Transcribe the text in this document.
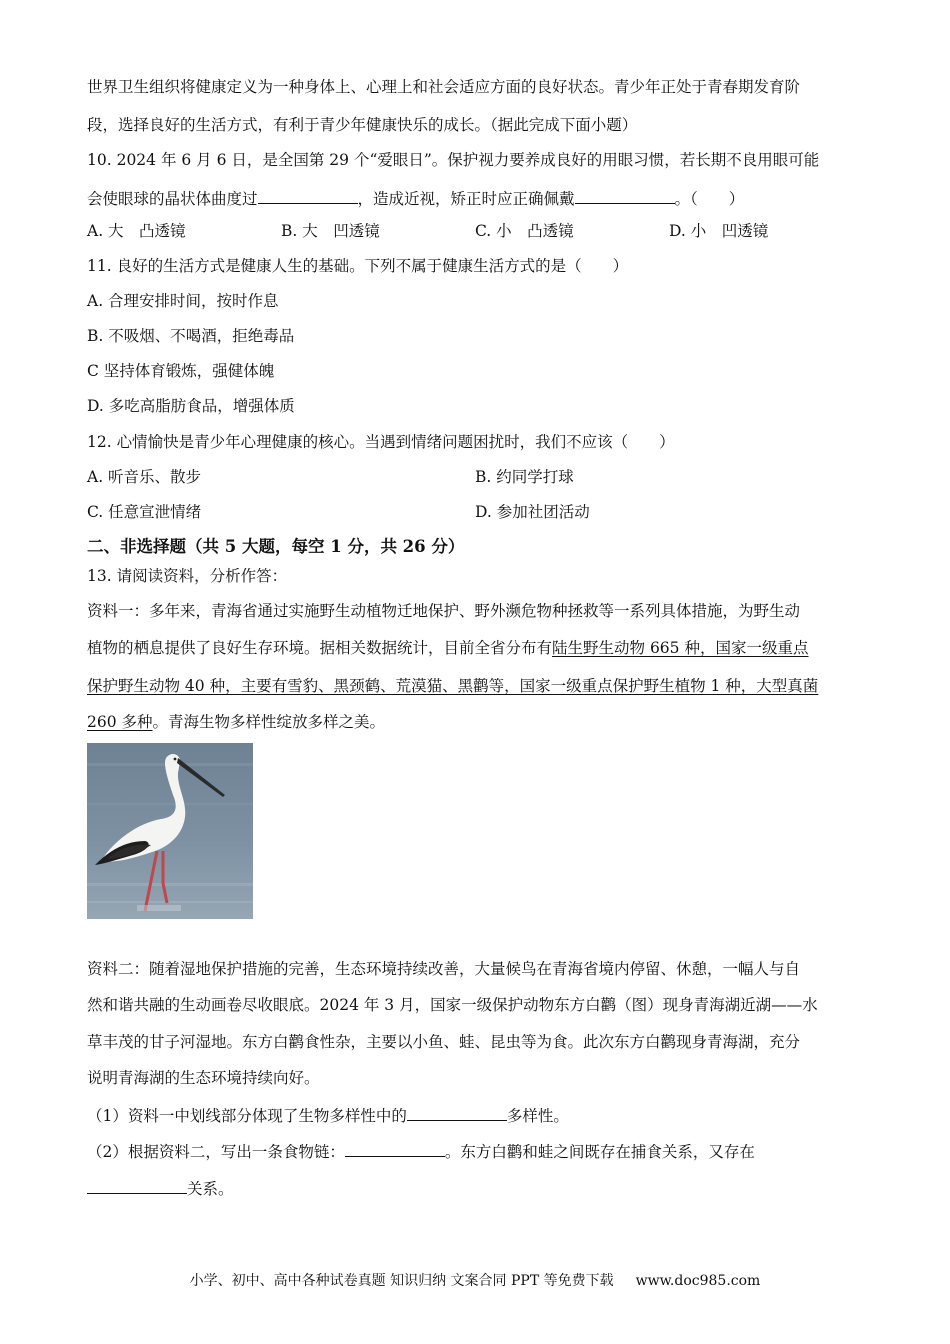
世界卫生组织将健康定义为一种身体上、心理上和社会适应方面的良好状态。青少年正处于青春期发育阶
段，选择良好的生活方式，有利于青少年健康快乐的成长。（据此完成下面小题）
10. 2024 年 6 月 6 日，是全国第 29 个“爱眼日”。保护视力要养成良好的用眼习惯，若长期不良用眼可能
会使眼球的晶状体曲度过	，造成近视，矫正时应正确佩戴	。（　　）
A. 大　凸透镜	B. 大　凹透镜	C. 小　凸透镜	D. 小　凹透镜
11. 良好的生活方式是健康人生的基础。下列不属于健康生活方式的是（　　）
A. 合理安排时间，按时作息
B. 不吸烟、不喝酒，拒绝毒品
C 坚持体育锻炼，强健体魄
D. 多吃高脂肪食品，增强体质
12. 心情愉快是青少年心理健康的核心。当遇到情绪问题困扰时，我们不应该（　　）
A. 听音乐、散步	B. 约同学打球
C. 任意宣泄情绪	D. 参加社团活动
二、非选择题（共 5 大题，每空 1 分，共 26 分）
13. 请阅读资料，分析作答：
资料一：多年来，青海省通过实施野生动植物迁地保护、野外濒危物种拯救等一系列具体措施，为野生动
植物的栖息提供了良好生存环境。据相关数据统计，目前全省分布有陆生野生动物 665 种，国家一级重点
保护野生动物 40 种，主要有雪豹、黑颈鹤、荒漠猫、黑鹳等，国家一级重点保护野生植物 1 种，大型真菌
260 多种。青海生物多样性绽放多样之美。
资料二：随着湿地保护措施的完善，生态环境持续改善，大量候鸟在青海省境内停留、休憩，一幅人与自
然和谐共融的生动画卷尽收眼底。2024 年 3 月，国家一级保护动物东方白鹳（图）现身青海湖近湖——水
草丰茂的甘子河湿地。东方白鹳食性杂，主要以小鱼、蛙、昆虫等为食。此次东方白鹳现身青海湖，充分
说明青海湖的生态环境持续向好。
（1）资料一中划线部分体现了生物多样性中的	多样性。
（2）根据资料二，写出一条食物链：	。东方白鹳和蛙之间既存在捕食关系，又存在
关系。
小学、初中、高中各种试卷真题 知识归纳 文案合同 PPT 等免费下载 www.doc985.com
